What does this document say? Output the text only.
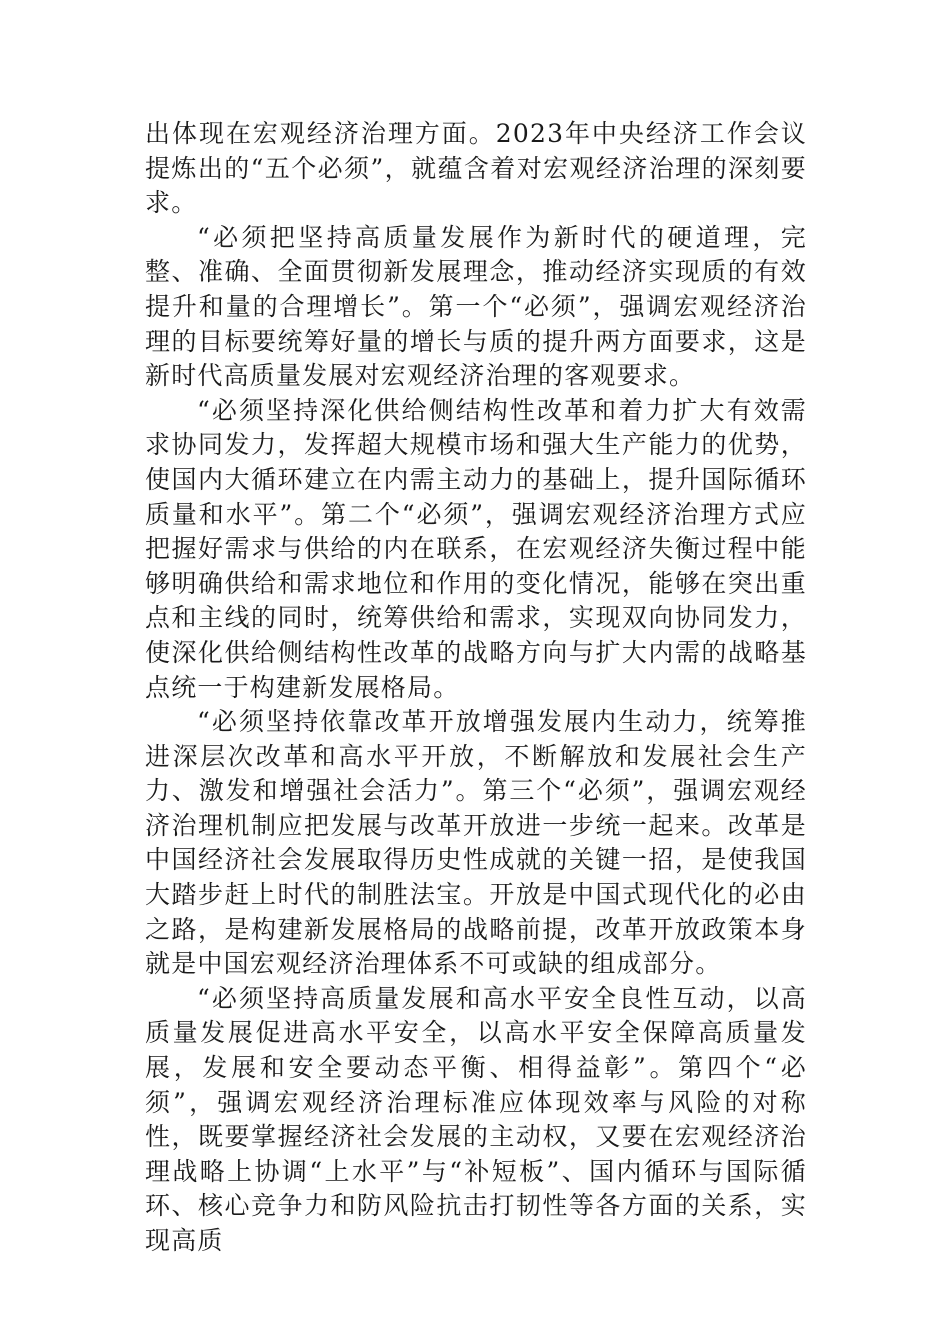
出体现在宏观经济治理方面。2023年中央经济工作会议提炼出的“五个必须”，就蕴含着对宏观经济治理的深刻要求。

“必须把坚持高质量发展作为新时代的硬道理，完整、准确、全面贯彻新发展理念，推动经济实现质的有效提升和量的合理增长”。第一个“必须”，强调宏观经济治理的目标要统筹好量的增长与质的提升两方面要求，这是新时代高质量发展对宏观经济治理的客观要求。

“必须坚持深化供给侧结构性改革和着力扩大有效需求协同发力，发挥超大规模市场和强大生产能力的优势，使国内大循环建立在内需主动力的基础上，提升国际循环质量和水平”。第二个“必须”，强调宏观经济治理方式应把握好需求与供给的内在联系，在宏观经济失衡过程中能够明确供给和需求地位和作用的变化情况，能够在突出重点和主线的同时，统筹供给和需求，实现双向协同发力，使深化供给侧结构性改革的战略方向与扩大内需的战略基点统一于构建新发展格局。

“必须坚持依靠改革开放增强发展内生动力，统筹推进深层次改革和高水平开放，不断解放和发展社会生产力、激发和增强社会活力”。第三个“必须”，强调宏观经济治理机制应把发展与改革开放进一步统一起来。改革是中国经济社会发展取得历史性成就的关键一招，是使我国大踏步赶上时代的制胜法宝。开放是中国式现代化的必由之路，是构建新发展格局的战略前提，改革开放政策本身就是中国宏观经济治理体系不可或缺的组成部分。

“必须坚持高质量发展和高水平安全良性互动，以高质量发展促进高水平安全，以高水平安全保障高质量发展，发展和安全要动态平衡、相得益彰”。第四个“必须”，强调宏观经济治理标准应体现效率与风险的对称性，既要掌握经济社会发展的主动权，又要在宏观经济治理战略上协调“上水平”与“补短板”、国内循环与国际循环、核心竞争力和防风险抗击打韧性等各方面的关系，实现高质
